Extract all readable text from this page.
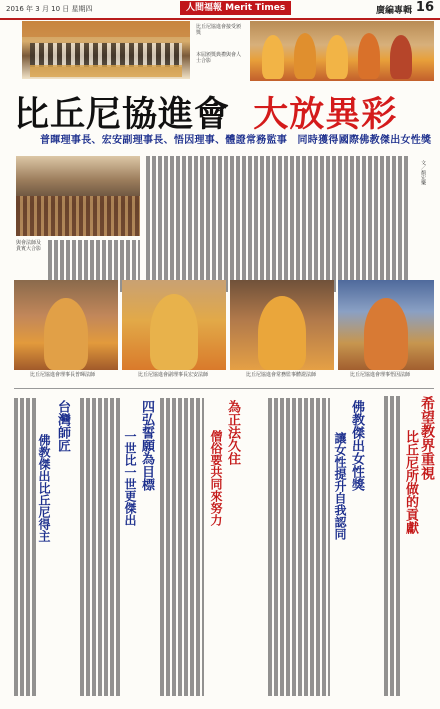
2016 年 3 月 10 日 星期四	人間福報 Merit Times	廣編專輯 16
比丘尼協進會接受頒獎
本屆頒獎典禮與會人士合影
比丘尼協進會 大放異彩
普暉理事長、宏安副理事長、悟因理事、體證常務監事　同時獲得國際佛教傑出女性獎
與會法師及貴賓大合影
文／顏宏樂
比丘尼協進會理事長普暉法師	比丘尼協進會副理事長宏安法師	比丘尼協進會常務監事體證法師	比丘尼協進會理事悟因法師
希望教界重視
比丘尼所做的貢獻
佛教傑出女性獎
讓女性提升自我認同
為正法久住
僧俗要共同來努力
四弘誓願為目標
一世比一世更傑出
台灣師匠
佛教傑出比丘尼得主
